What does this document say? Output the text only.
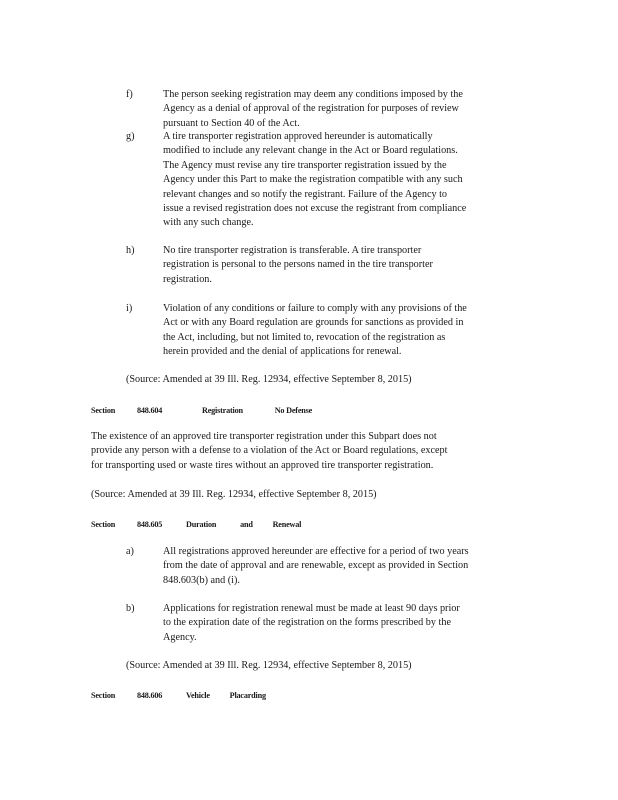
f)	The person seeking registration may deem any conditions imposed by the
Agency as a denial of approval of the registration for purposes of review
pursuant to Section 40 of the Act.
g)	A tire transporter registration approved hereunder is automatically
modified to include any relevant change in the Act or Board regulations.
The Agency must revise any tire transporter registration issued by the
Agency under this Part to make the registration compatible with any such
relevant changes and so notify the registrant. Failure of the Agency to
issue a revised registration does not excuse the registrant from compliance
with any such change.
h)	No tire transporter registration is transferable. A tire transporter
registration is personal to the persons named in the tire transporter
registration.
i)	Violation of any conditions or failure to comply with any provisions of the
Act or with any Board regulation are grounds for sanctions as provided in
the Act, including, but not limited to, revocation of the registration as
herein provided and the denial of applications for renewal.
(Source: Amended at 39 Ill. Reg. 12934, effective September 8, 2015)
Section	848.604	Registration	No Defense
The existence of an approved tire transporter registration under this Subpart does not
provide any person with a defense to a violation of the Act or Board regulations, except
for transporting used or waste tires without an approved tire transporter registration.
(Source: Amended at 39 Ill. Reg. 12934, effective September 8, 2015)
Section	848.605	Duration	and Renewal
a)	All registrations approved hereunder are effective for a period of two years
from the date of approval and are renewable, except as provided in Section
848.603(b) and (i).
b)	Applications for registration renewal must be made at least 90 days prior
to the expiration date of the registration on the forms prescribed by the
Agency.
(Source: Amended at 39 Ill. Reg. 12934, effective September 8, 2015)
Section	848.606	Vehicle Placarding
